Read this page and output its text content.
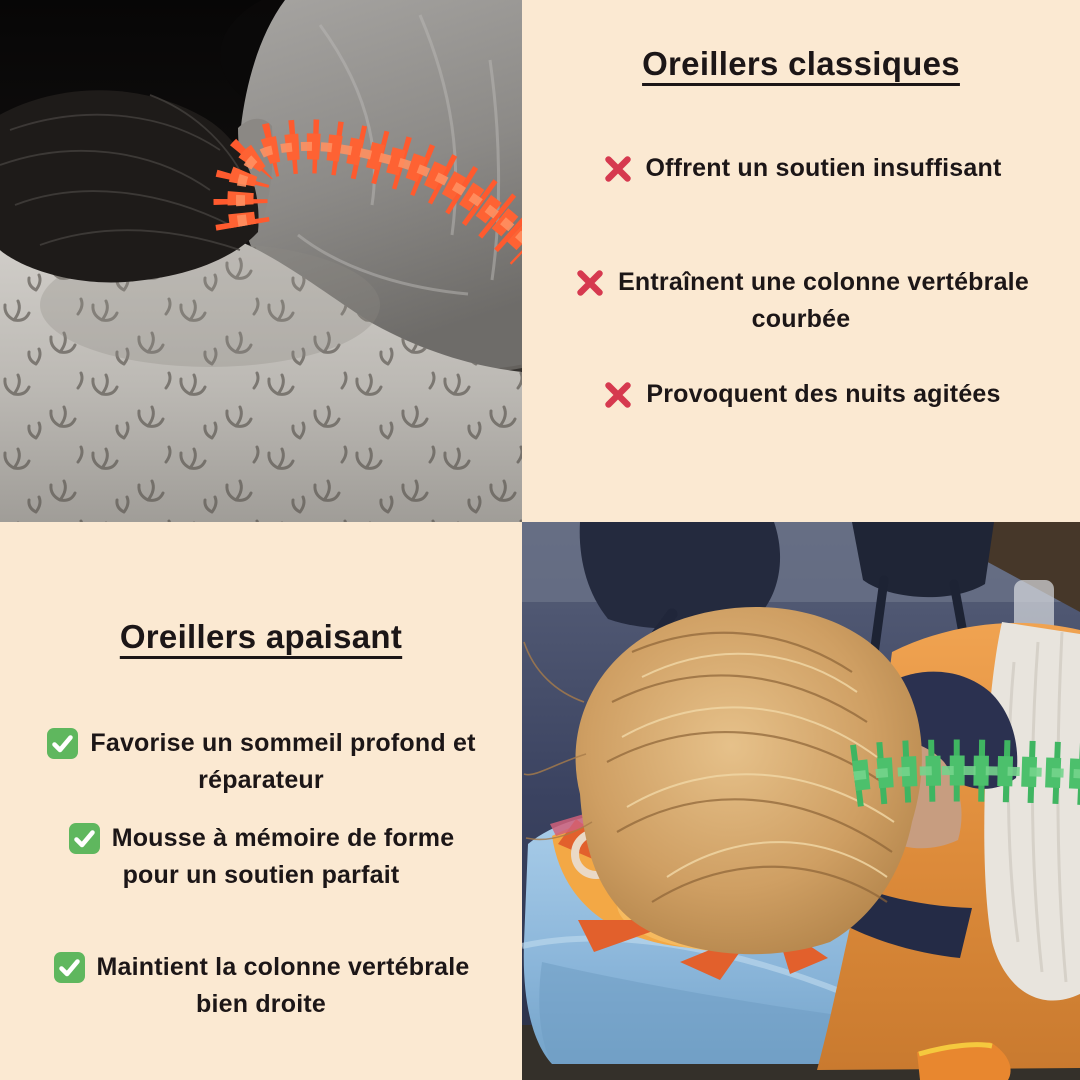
Oreillers classiques
Offrent un soutien insuffisant
Entraînent une colonne vertébrale
courbée
Provoquent des nuits agitées
Oreillers apaisant
Favorise un sommeil profond et
réparateur
Mousse à mémoire de forme
pour un soutien parfait
Maintient la colonne vertébrale
bien droite
